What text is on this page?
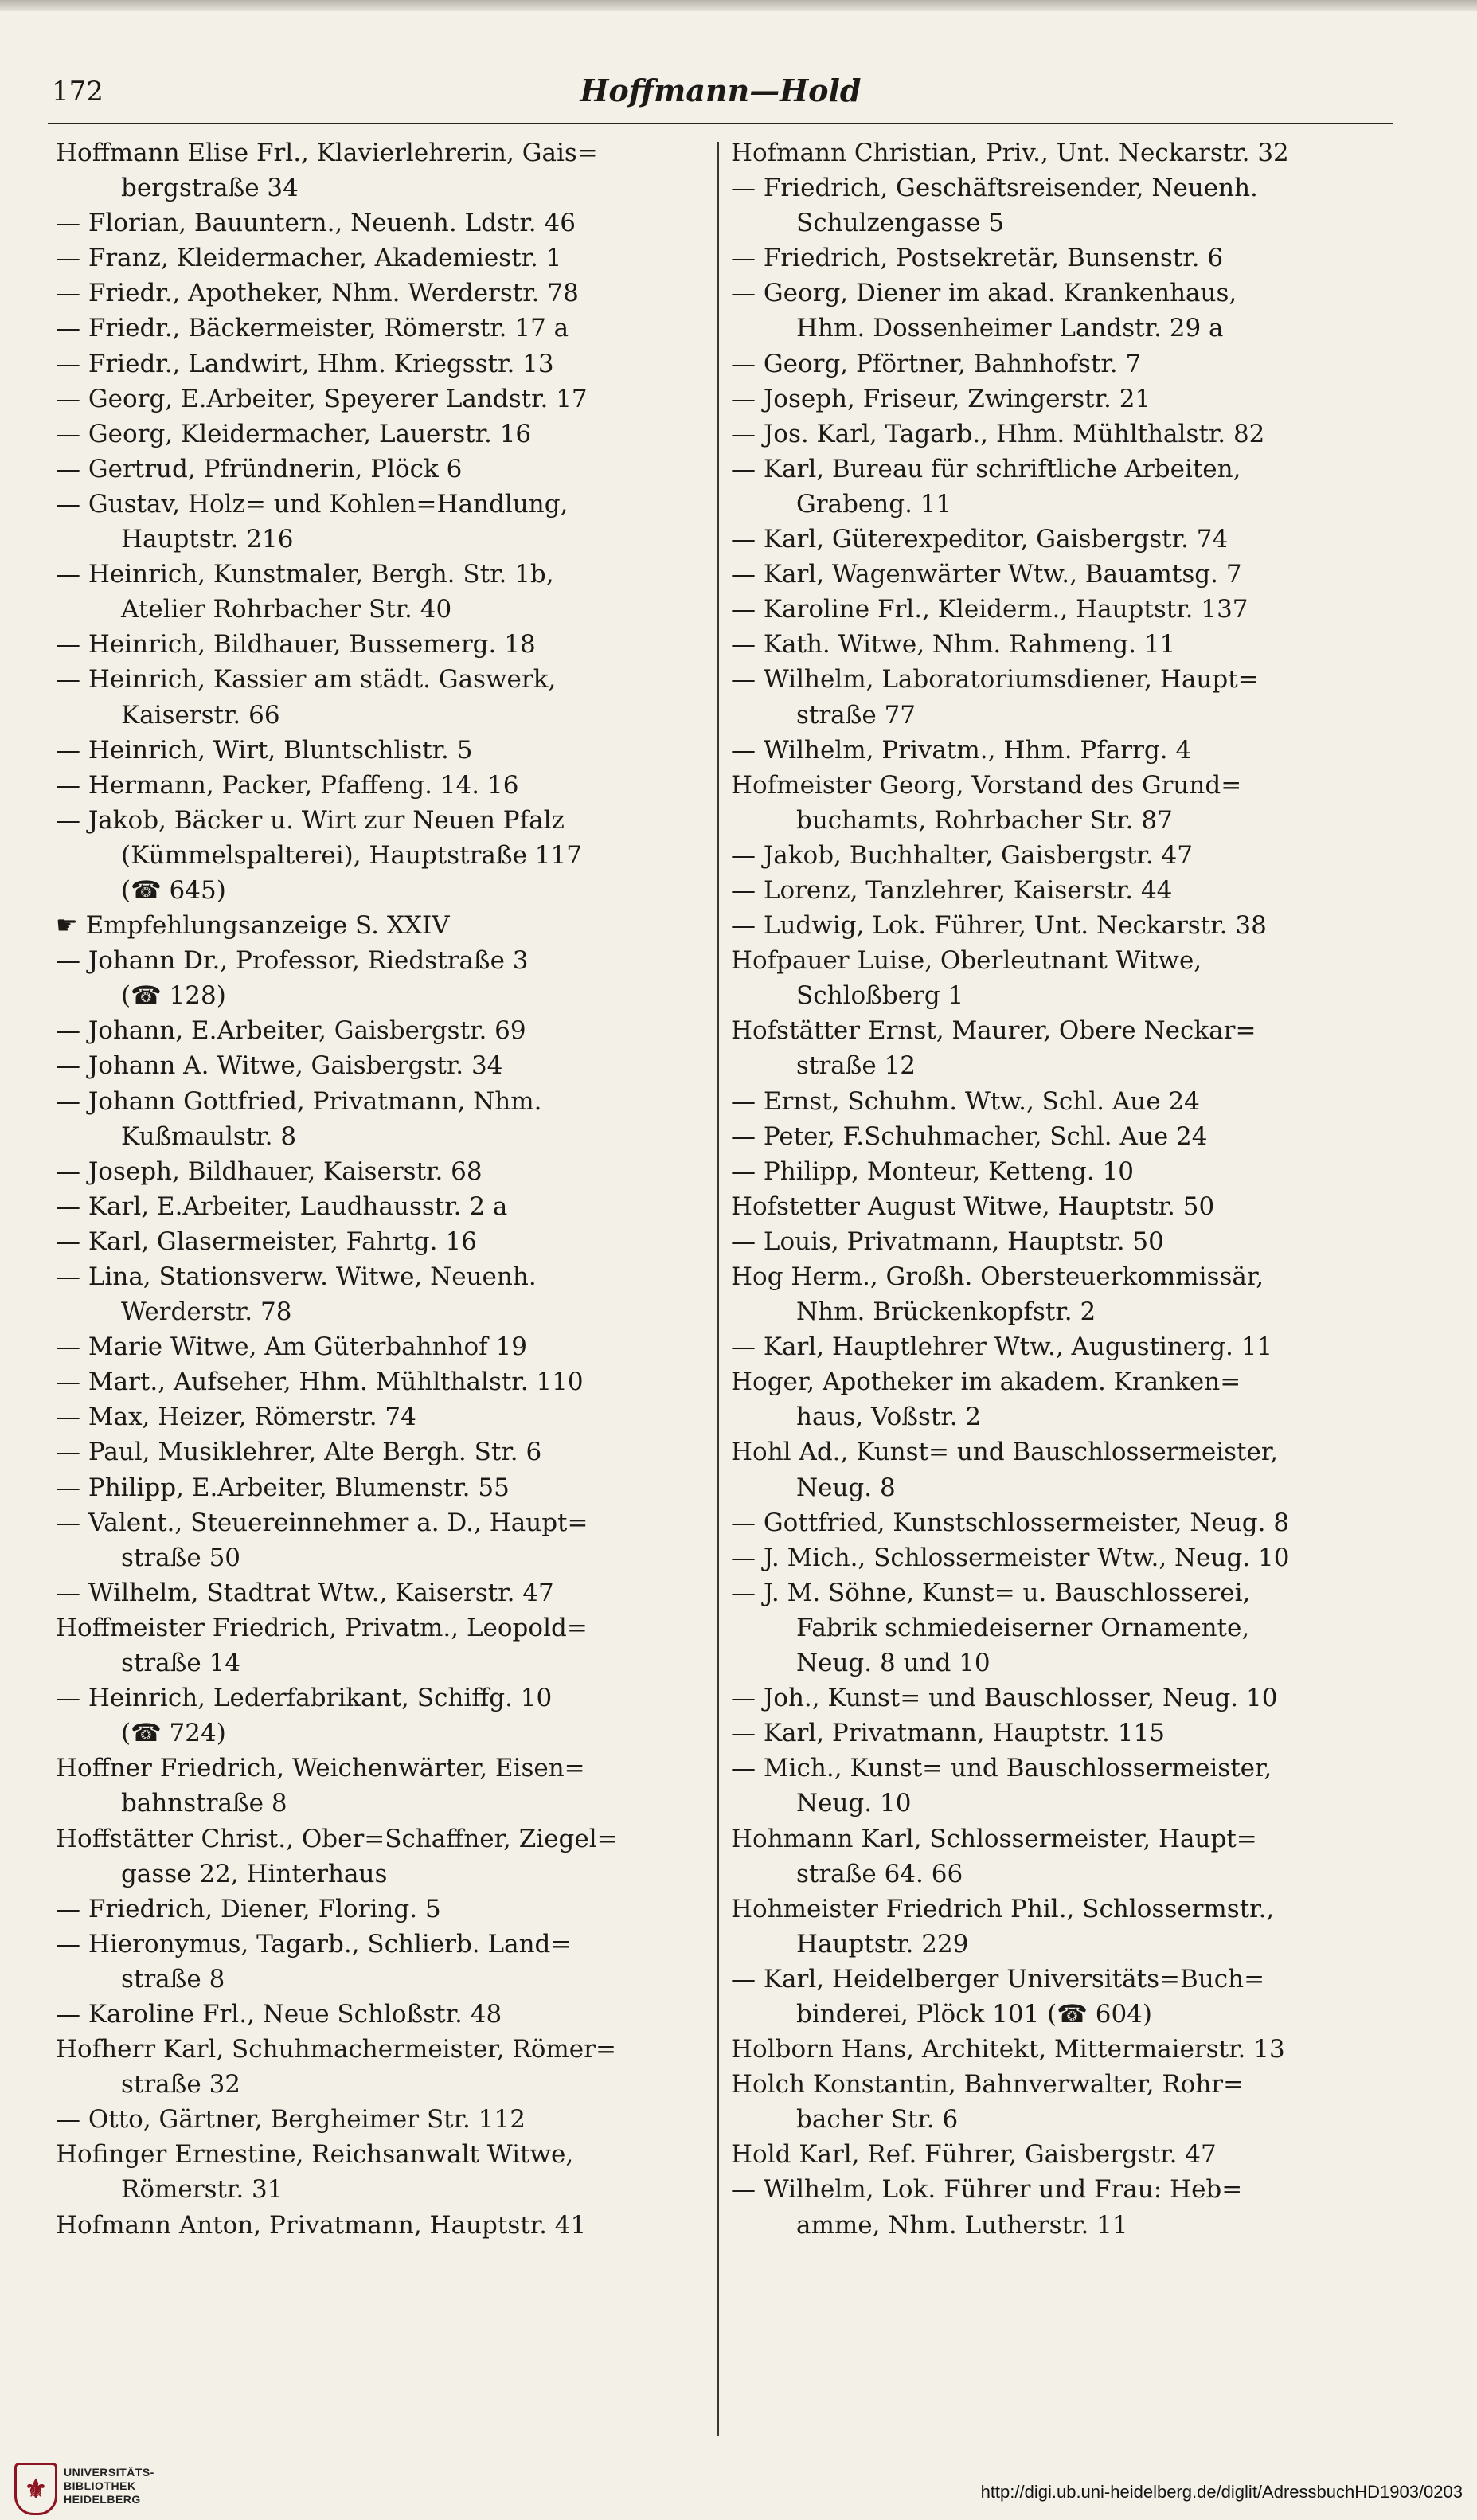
172	Hoffmann—Hold
Hoffmann Elise Frl., Klavierlehrerin, Gais=
bergstraße 34
— Florian, Bauuntern., Neuenh. Ldstr. 46
— Franz, Kleidermacher, Akademiestr. 1
— Friedr., Apotheker, Nhm. Werderstr. 78
— Friedr., Bäckermeister, Römerstr. 17 a
— Friedr., Landwirt, Hhm. Kriegsstr. 13
— Georg, E.Arbeiter, Speyerer Landstr. 17
— Georg, Kleidermacher, Lauerstr. 16
— Gertrud, Pfründnerin, Plöck 6
— Gustav, Holz= und Kohlen=Handlung,
Hauptstr. 216
— Heinrich, Kunstmaler, Bergh. Str. 1b,
Atelier Rohrbacher Str. 40
— Heinrich, Bildhauer, Bussemerg. 18
— Heinrich, Kassier am städt. Gaswerk,
Kaiserstr. 66
— Heinrich, Wirt, Bluntschlistr. 5
— Hermann, Packer, Pfaffeng. 14. 16
— Jakob, Bäcker u. Wirt zur Neuen Pfalz
(Kümmelspalterei), Hauptstraße 117
(☎ 645)
☛ Empfehlungsanzeige S. XXIV
— Johann Dr., Professor, Riedstraße 3
(☎ 128)
— Johann, E.Arbeiter, Gaisbergstr. 69
— Johann A. Witwe, Gaisbergstr. 34
— Johann Gottfried, Privatmann, Nhm.
Kußmaulstr. 8
— Joseph, Bildhauer, Kaiserstr. 68
— Karl, E.Arbeiter, Laudhausstr. 2 a
— Karl, Glasermeister, Fahrtg. 16
— Lina, Stationsverw. Witwe, Neuenh.
Werderstr. 78
— Marie Witwe, Am Güterbahnhof 19
— Mart., Aufseher, Hhm. Mühlthalstr. 110
— Max, Heizer, Römerstr. 74
— Paul, Musiklehrer, Alte Bergh. Str. 6
— Philipp, E.Arbeiter, Blumenstr. 55
— Valent., Steuereinnehmer a. D., Haupt=
straße 50
— Wilhelm, Stadtrat Wtw., Kaiserstr. 47
Hoffmeister Friedrich, Privatm., Leopold=
straße 14
— Heinrich, Lederfabrikant, Schiffg. 10
(☎ 724)
Hoffner Friedrich, Weichenwärter, Eisen=
bahnstraße 8
Hoffstätter Christ., Ober=Schaffner, Ziegel=
gasse 22, Hinterhaus
— Friedrich, Diener, Floring. 5
— Hieronymus, Tagarb., Schlierb. Land=
straße 8
— Karoline Frl., Neue Schloßstr. 48
Hofherr Karl, Schuhmachermeister, Römer=
straße 32
— Otto, Gärtner, Bergheimer Str. 112
Hofinger Ernestine, Reichsanwalt Witwe,
Römerstr. 31
Hofmann Anton, Privatmann, Hauptstr. 41
Hofmann Christian, Priv., Unt. Neckarstr. 32
— Friedrich, Geschäftsreisender, Neuenh.
Schulzengasse 5
— Friedrich, Postsekretär, Bunsenstr. 6
— Georg, Diener im akad. Krankenhaus,
Hhm. Dossenheimer Landstr. 29 a
— Georg, Pförtner, Bahnhofstr. 7
— Joseph, Friseur, Zwingerstr. 21
— Jos. Karl, Tagarb., Hhm. Mühlthalstr. 82
— Karl, Bureau für schriftliche Arbeiten,
Grabeng. 11
— Karl, Güterexpeditor, Gaisbergstr. 74
— Karl, Wagenwärter Wtw., Bauamtsg. 7
— Karoline Frl., Kleiderm., Hauptstr. 137
— Kath. Witwe, Nhm. Rahmeng. 11
— Wilhelm, Laboratoriumsdiener, Haupt=
straße 77
— Wilhelm, Privatm., Hhm. Pfarrg. 4
Hofmeister Georg, Vorstand des Grund=
buchamts, Rohrbacher Str. 87
— Jakob, Buchhalter, Gaisbergstr. 47
— Lorenz, Tanzlehrer, Kaiserstr. 44
— Ludwig, Lok. Führer, Unt. Neckarstr. 38
Hofpauer Luise, Oberleutnant Witwe,
Schloßberg 1
Hofstätter Ernst, Maurer, Obere Neckar=
straße 12
— Ernst, Schuhm. Wtw., Schl. Aue 24
— Peter, F.Schuhmacher, Schl. Aue 24
— Philipp, Monteur, Ketteng. 10
Hofstetter August Witwe, Hauptstr. 50
— Louis, Privatmann, Hauptstr. 50
Hog Herm., Großh. Obersteuerkommissär,
Nhm. Brückenkopfstr. 2
— Karl, Hauptlehrer Wtw., Augustinerg. 11
Hoger, Apotheker im akadem. Kranken=
haus, Voßstr. 2
Hohl Ad., Kunst= und Bauschlossermeister,
Neug. 8
— Gottfried, Kunstschlossermeister, Neug. 8
— J. Mich., Schlossermeister Wtw., Neug. 10
— J. M. Söhne, Kunst= u. Bauschlosserei,
Fabrik schmiedeiserner Ornamente,
Neug. 8 und 10
— Joh., Kunst= und Bauschlosser, Neug. 10
— Karl, Privatmann, Hauptstr. 115
— Mich., Kunst= und Bauschlossermeister,
Neug. 10
Hohmann Karl, Schlossermeister, Haupt=
straße 64. 66
Hohmeister Friedrich Phil., Schlossermstr.,
Hauptstr. 229
— Karl, Heidelberger Universitäts=Buch=
binderei, Plöck 101 (☎ 604)
Holborn Hans, Architekt, Mittermaierstr. 13
Holch Konstantin, Bahnverwalter, Rohr=
bacher Str. 6
Hold Karl, Ref. Führer, Gaisbergstr. 47
— Wilhelm, Lok. Führer und Frau: Heb=
amme, Nhm. Lutherstr. 11
⚜
UNIVERSITÄTS-
BIBLIOTHEK
HEIDELBERG	http://digi.ub.uni-heidelberg.de/diglit/AdressbuchHD1903/0203
